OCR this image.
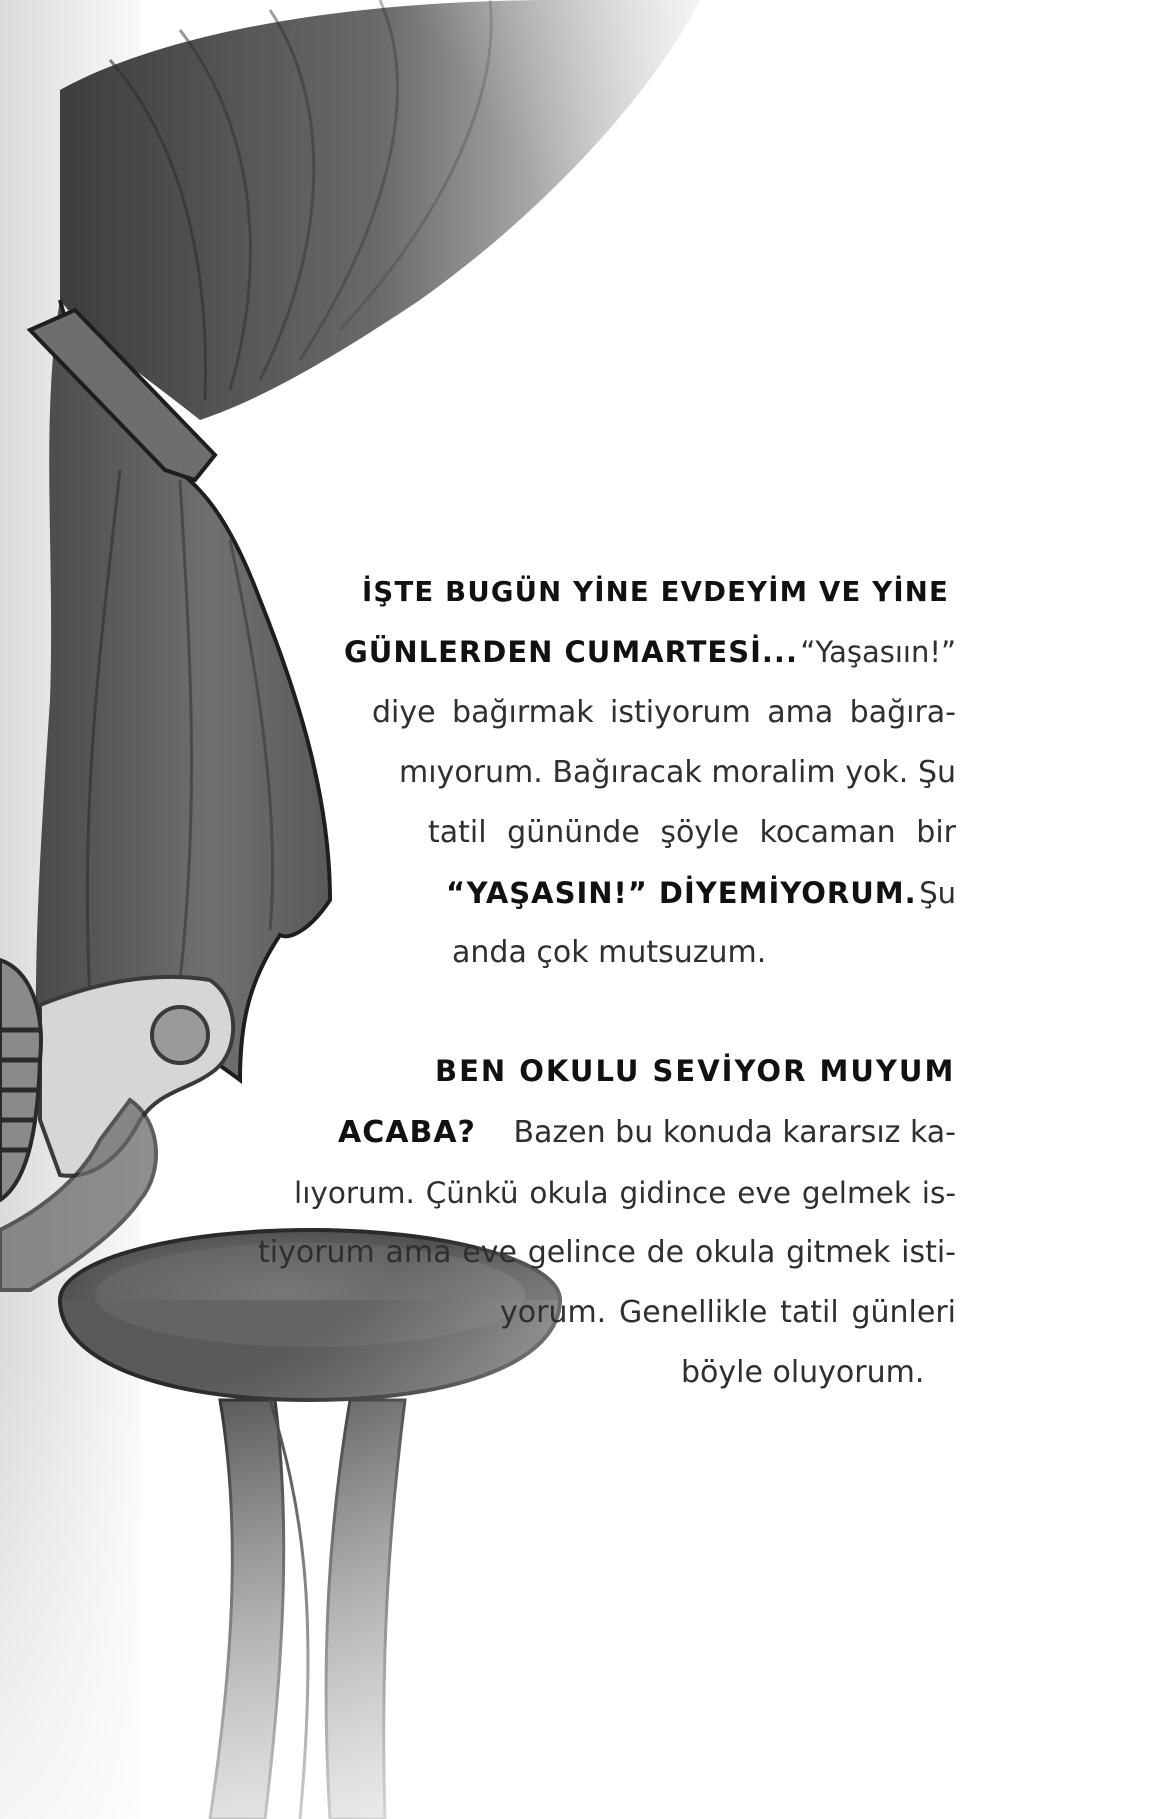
İŞTE BUGÜN YİNE EVDEYİM VE YİNE
GÜNLERDEN CUMARTESİ... “Yaşasıın!”
diye bağırmak istiyorum ama bağıra-
mıyorum. Bağıracak moralim yok. Şu
tatil gününde şöyle kocaman bir
“YAŞASIN!” DİYEMİYORUM. Şu
anda çok mutsuzum.
BEN OKULU SEVİYOR MUYUM
ACABA? Bazen bu konuda kararsız ka-
lıyorum. Çünkü okula gidince eve gelmek is-
tiyorum ama eve gelince de okula gitmek isti-
yorum. Genellikle tatil günleri
böyle oluyorum.
